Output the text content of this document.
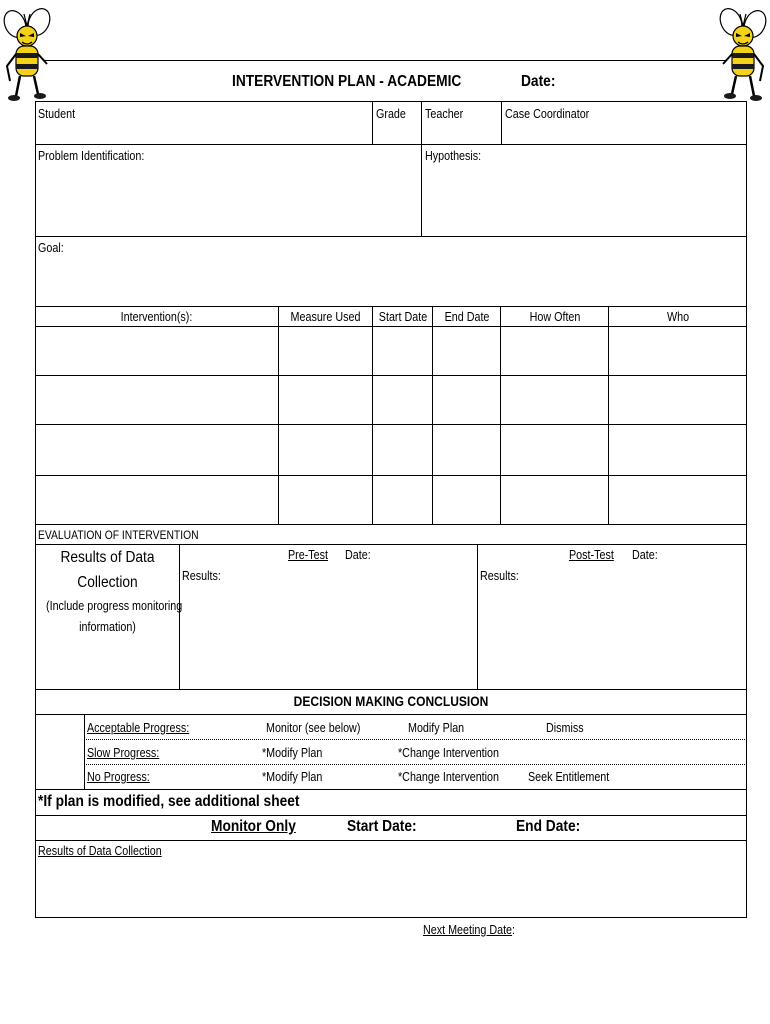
INTERVENTION PLAN - ACADEMIC	Date:
Student	Grade Teacher	Case Coordinator
Problem Identification:	Hypothesis:
Goal:
Intervention(s):	Measure Used	Start Date	End Date	How Often	Who
EVALUATION OF INTERVENTION
Results of Data
Collection
(Include progress monitoring
information)
Pre-Test Date:
Results:
Post-Test Date:
Results:
DECISION MAKING CONCLUSION
Acceptable Progress:	Monitor (see below)	Modify Plan	Dismiss
Slow Progress:	*Modify Plan	*Change Intervention
No Progress:	*Modify Plan	*Change Intervention Seek Entitlement
*If plan is modified, see additional sheet
Monitor Only	Start Date:	End Date:
Results of Data Collection
Next Meeting Date:
